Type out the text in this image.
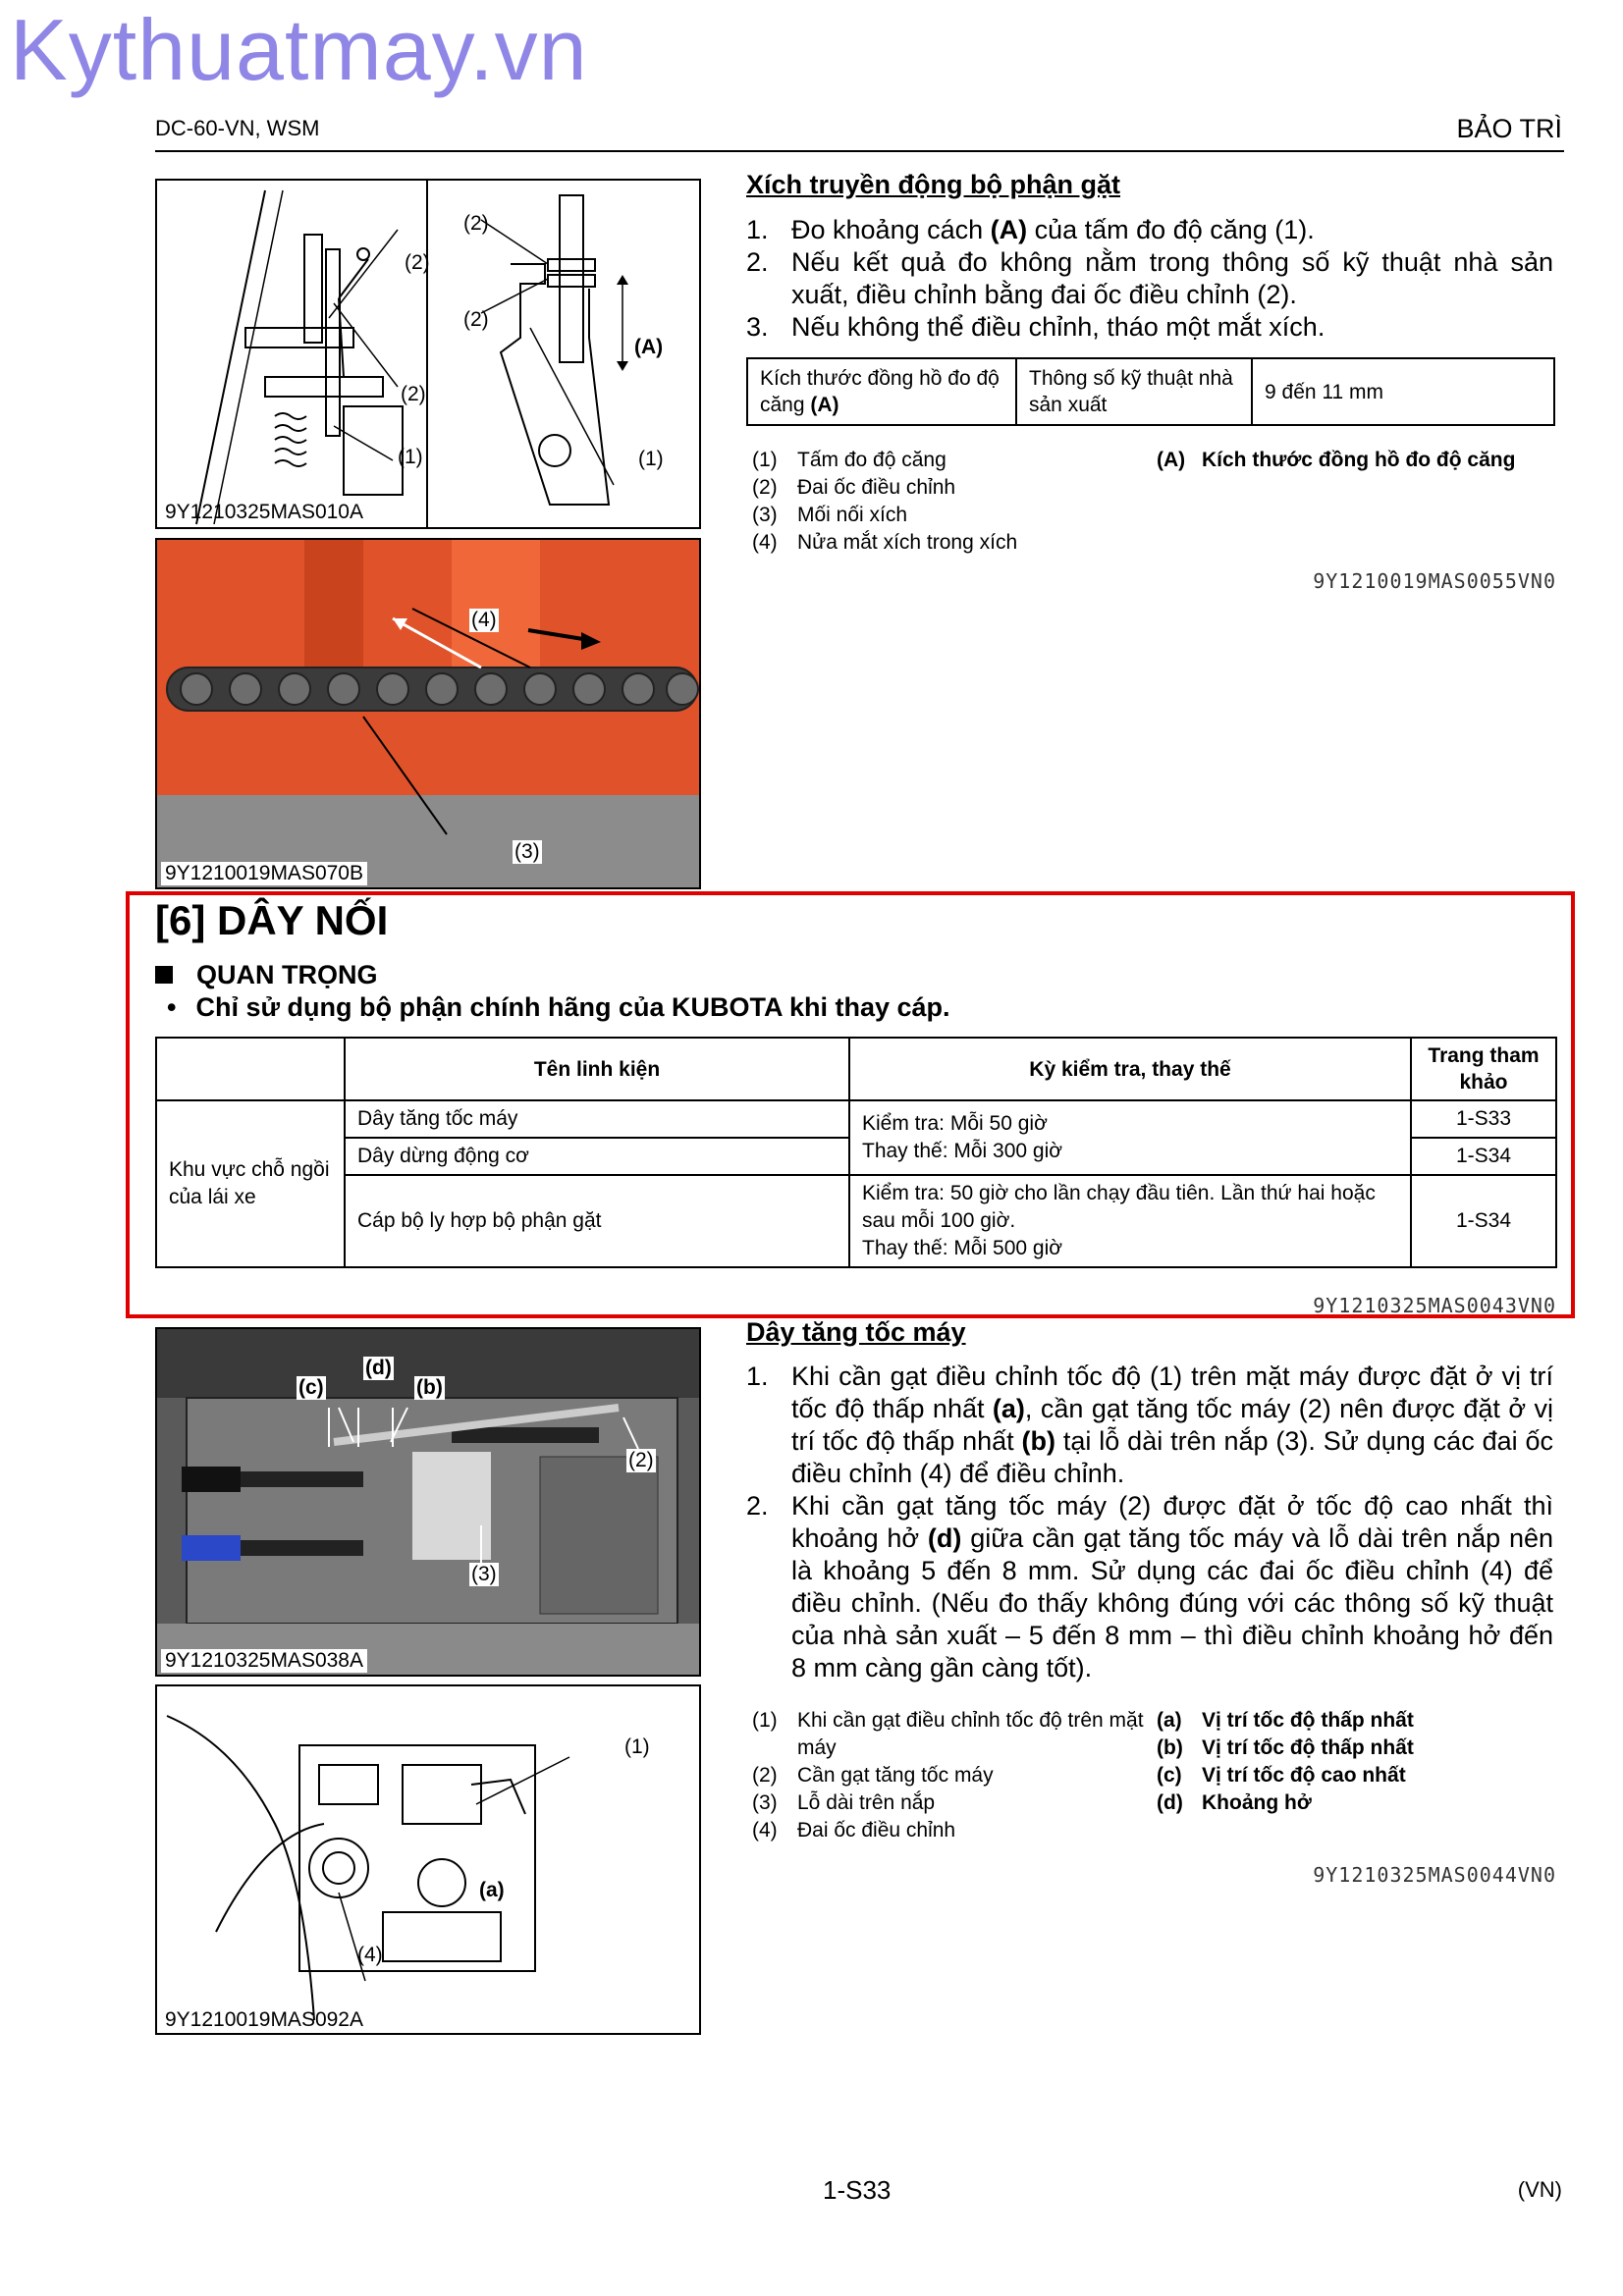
Kythuatmay.vn
DC-60-VN, WSM	BẢO TRÌ
(2)
(2)
(2)
(2)
(1)	(1)
(A)
9Y1210325MAS010A
(4)
(3)
9Y1210019MAS070B
Xích truyền động bộ phận gặt
1. Đo khoảng cách (A) của tấm đo độ căng (1).
2. Nếu kết quả đo không nằm trong thông số kỹ thuật nhà sản xuất, điều chỉnh bằng đai ốc điều chỉnh (2).
3. Nếu không thể điều chỉnh, tháo một mắt xích.
Kích thước đồng hồ đo độ căng (A)	Thông số kỹ thuật nhà sản xuất	9 đến 11 mm
(1) Tấm đo độ căng
(2) Đai ốc điều chỉnh
(3) Mối nối xích
(4) Nửa mắt xích trong xích
(A) Kích thước đồng hồ đo độ căng
9Y1210019MAS0055VN0
[6] DÂY NỐI
QUAN TRỌNG
• Chỉ sử dụng bộ phận chính hãng của KUBOTA khi thay cáp.
	Tên linh kiện	Kỳ kiểm tra, thay thế	Trang tham khảo
Khu vực chỗ ngồi của lái xe	Dây tăng tốc máy	Kiểm tra: Mỗi 50 giờ
Thay thế: Mỗi 300 giờ	1-S33
	Dây dừng động cơ		1-S34
	Cáp bộ ly hợp bộ phận gặt	Kiểm tra: 50 giờ cho lần chạy đầu tiên. Lần thứ hai hoặc sau mỗi 100 giờ.
Thay thế: Mỗi 500 giờ	1-S34
9Y1210325MAS0043VN0
(d)
(c)	(b)
(2)
(3)
9Y1210325MAS038A
(1)
(a)
(4)
9Y1210019MAS092A
Dây tăng tốc máy
1. Khi cần gạt điều chỉnh tốc độ (1) trên mặt máy được đặt ở vị trí tốc độ thấp nhất (a), cần gạt tăng tốc máy (2) nên được đặt ở vị trí tốc độ thấp nhất (b) tại lỗ dài trên nắp (3). Sử dụng các đai ốc điều chỉnh (4) để điều chỉnh.
2. Khi cần gạt tăng tốc máy (2) được đặt ở tốc độ cao nhất thì khoảng hở (d) giữa cần gạt tăng tốc máy và lỗ dài trên nắp nên là khoảng 5 đến 8 mm. Sử dụng các đai ốc điều chỉnh (4) để điều chỉnh. (Nếu đo thấy không đúng với các thông số kỹ thuật của nhà sản xuất – 5 đến 8 mm – thì điều chỉnh khoảng hở đến 8 mm càng gần càng tốt).
(1) Khi cần gạt điều chỉnh tốc độ trên mặt máy
(2) Cần gạt tăng tốc máy
(3) Lỗ dài trên nắp
(4) Đai ốc điều chỉnh
(a) Vị trí tốc độ thấp nhất
(b) Vị trí tốc độ thấp nhất
(c) Vị trí tốc độ cao nhất
(d) Khoảng hở
9Y1210325MAS0044VN0
1-S33	(VN)
